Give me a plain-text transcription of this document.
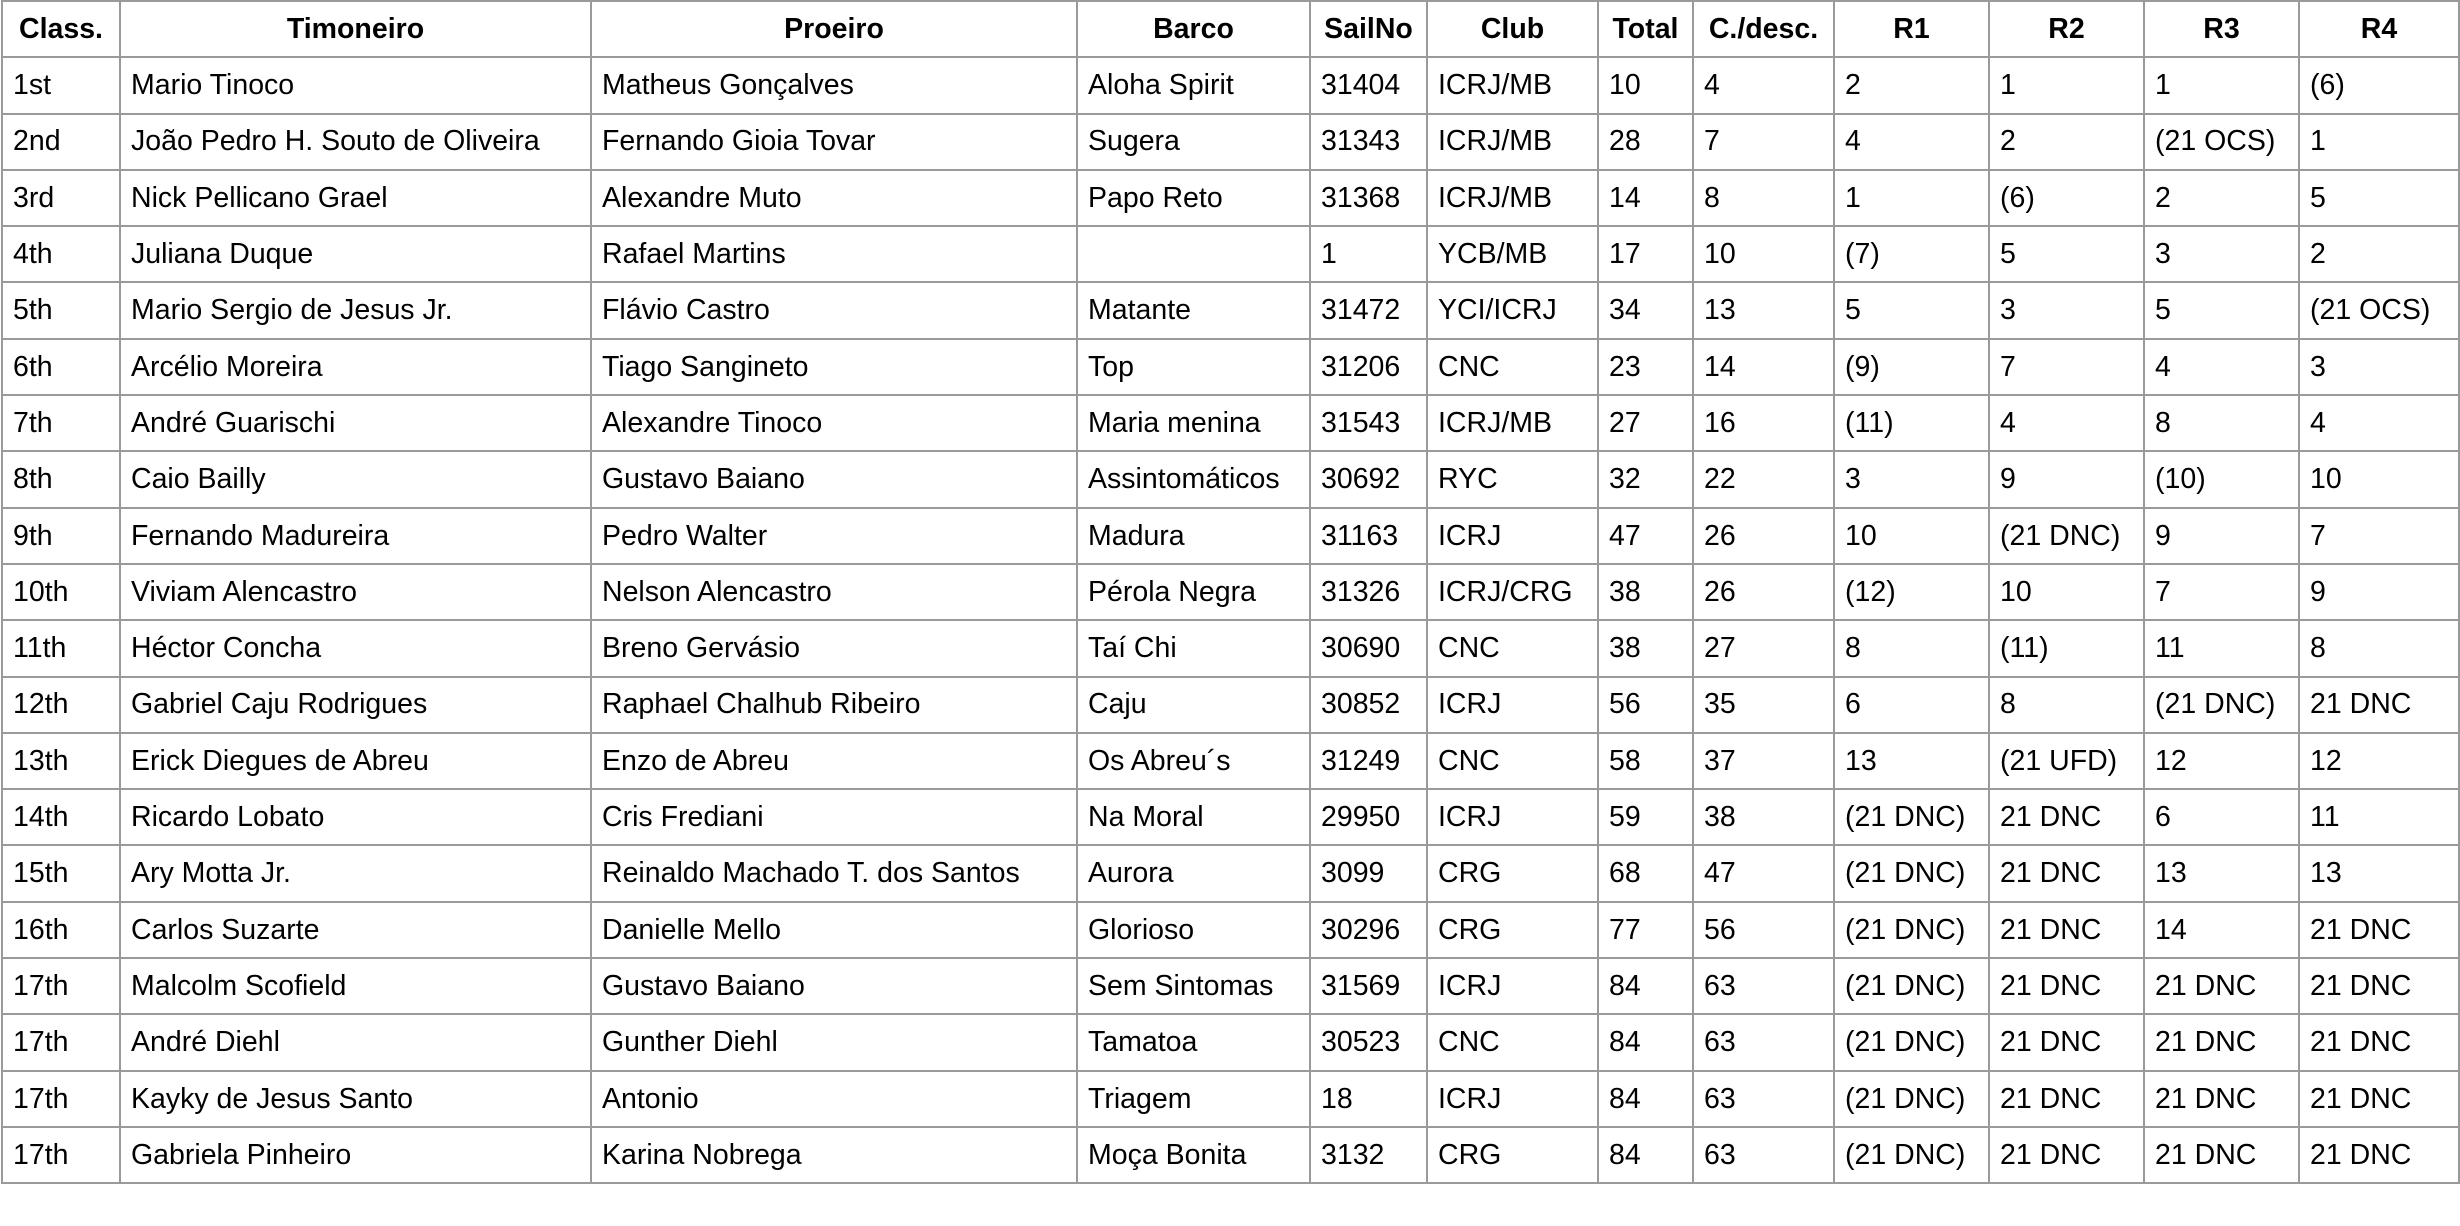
Class.	Timoneiro	Proeiro	Barco	SailNo	Club	Total	C./desc.	R1	R2	R3	R4
1st	Mario Tinoco	Matheus Gonçalves	Aloha Spirit	31404	ICRJ/MB	10	4	2	1	1	(6)
2nd	João Pedro H. Souto de Oliveira	Fernando Gioia Tovar	Sugera	31343	ICRJ/MB	28	7	4	2	(21 OCS)	1
3rd	Nick Pellicano Grael	Alexandre Muto	Papo Reto	31368	ICRJ/MB	14	8	1	(6)	2	5
4th	Juliana Duque	Rafael Martins		1	YCB/MB	17	10	(7)	5	3	2
5th	Mario Sergio de Jesus Jr.	Flávio Castro	Matante	31472	YCI/ICRJ	34	13	5	3	5	(21 OCS)
6th	Arcélio Moreira	Tiago Sangineto	Top	31206	CNC	23	14	(9)	7	4	3
7th	André Guarischi	Alexandre Tinoco	Maria menina	31543	ICRJ/MB	27	16	(11)	4	8	4
8th	Caio Bailly	Gustavo Baiano	Assintomáticos	30692	RYC	32	22	3	9	(10)	10
9th	Fernando Madureira	Pedro Walter	Madura	31163	ICRJ	47	26	10	(21 DNC)	9	7
10th	Viviam Alencastro	Nelson Alencastro	Pérola Negra	31326	ICRJ/CRG	38	26	(12)	10	7	9
11th	Héctor Concha	Breno Gervásio	Taí Chi	30690	CNC	38	27	8	(11)	11	8
12th	Gabriel Caju Rodrigues	Raphael Chalhub Ribeiro	Caju	30852	ICRJ	56	35	6	8	(21 DNC)	21 DNC
13th	Erick Diegues de Abreu	Enzo de Abreu	Os Abreu´s	31249	CNC	58	37	13	(21 UFD)	12	12
14th	Ricardo Lobato	Cris Frediani	Na Moral	29950	ICRJ	59	38	(21 DNC)	21 DNC	6	11
15th	Ary Motta Jr.	Reinaldo Machado T. dos Santos	Aurora	3099	CRG	68	47	(21 DNC)	21 DNC	13	13
16th	Carlos Suzarte	Danielle Mello	Glorioso	30296	CRG	77	56	(21 DNC)	21 DNC	14	21 DNC
17th	Malcolm Scofield	Gustavo Baiano	Sem Sintomas	31569	ICRJ	84	63	(21 DNC)	21 DNC	21 DNC	21 DNC
17th	André Diehl	Gunther Diehl	Tamatoa	30523	CNC	84	63	(21 DNC)	21 DNC	21 DNC	21 DNC
17th	Kayky de Jesus Santo	Antonio	Triagem	18	ICRJ	84	63	(21 DNC)	21 DNC	21 DNC	21 DNC
17th	Gabriela Pinheiro	Karina Nobrega	Moça Bonita	3132	CRG	84	63	(21 DNC)	21 DNC	21 DNC	21 DNC
